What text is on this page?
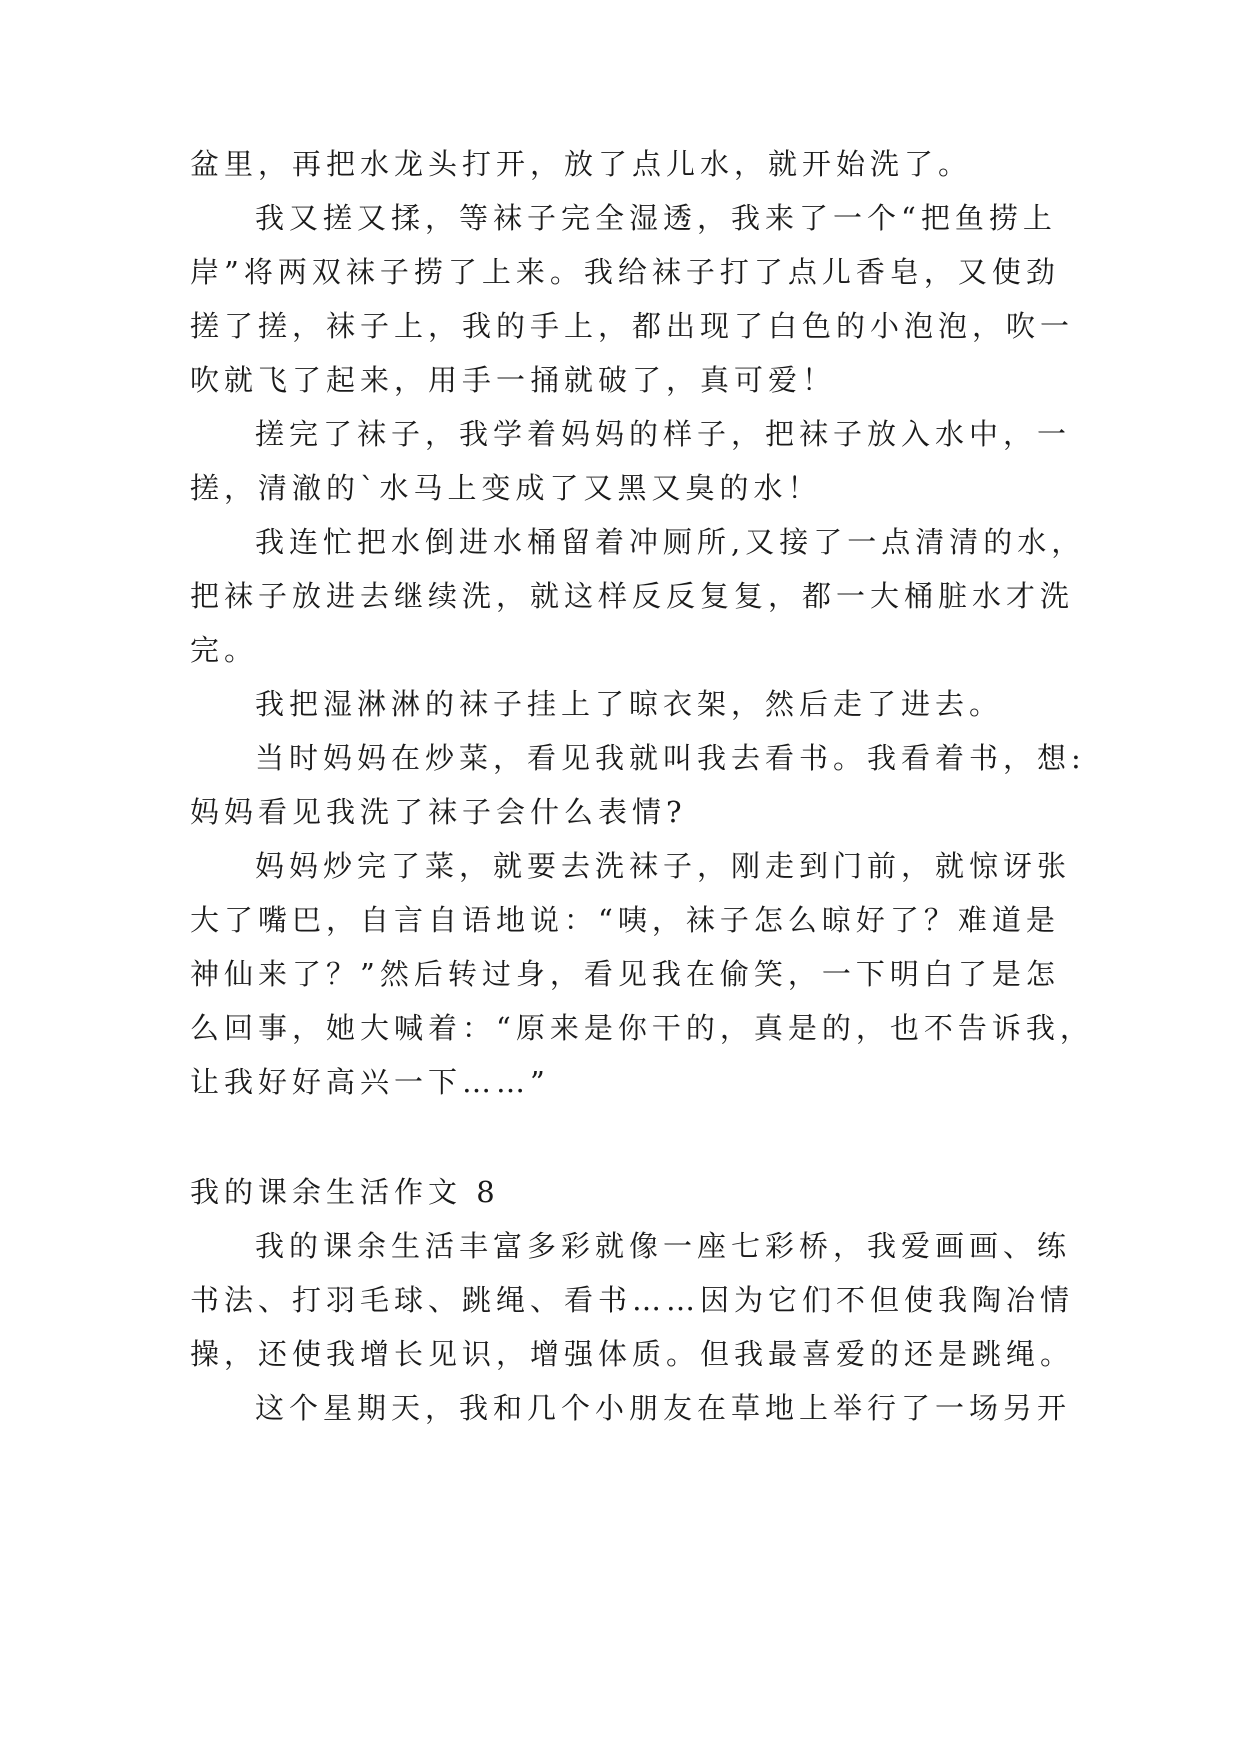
盆里，再把水龙头打开，放了点儿水，就开始洗了。
我又搓又揉，等袜子完全湿透，我来了一个“把鱼捞上
岸”将两双袜子捞了上来。我给袜子打了点儿香皂，又使劲
搓了搓，袜子上，我的手上，都出现了白色的小泡泡，吹一
吹就飞了起来，用手一捅就破了，真可爱！
搓完了袜子，我学着妈妈的样子，把袜子放入水中，一
搓，清澈的`水马上变成了又黑又臭的水！
我连忙把水倒进水桶留着冲厕所,又接了一点清清的水，
把袜子放进去继续洗，就这样反反复复，都一大桶脏水才洗
完。
我把湿淋淋的袜子挂上了晾衣架，然后走了进去。
当时妈妈在炒菜，看见我就叫我去看书。我看着书，想:
妈妈看见我洗了袜子会什么表情?
妈妈炒完了菜，就要去洗袜子，刚走到门前，就惊讶张
大了嘴巴，自言自语地说：“咦，袜子怎么晾好了？难道是
神仙来了？”然后转过身，看见我在偷笑，一下明白了是怎
么回事，她大喊着：“原来是你干的，真是的，也不告诉我，
让我好好高兴一下……”
我的课余生活作文 8
我的课余生活丰富多彩就像一座七彩桥，我爱画画、练
书法、打羽毛球、跳绳、看书……因为它们不但使我陶冶情
操，还使我增长见识，增强体质。但我最喜爱的还是跳绳。
这个星期天，我和几个小朋友在草地上举行了一场另开
